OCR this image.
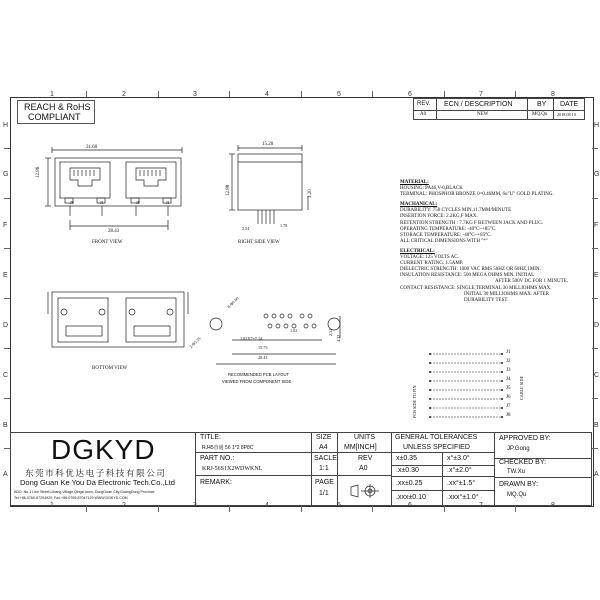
1	2	3	4	5	6	7	8
1	2	3	4	5	6	7	8
H
G
F
E
D
C
B
A
H
G
F
E
D
C
B
A
REACH & RoHS
COMPLIANT
REV. ECN / DESCRIPTION	BY DATE
A0	NEW	MQ.Qu 2018.08.10
31.60
12.86
28.43
J8	J1	J8	J1
FRONT VIEW
15.20
12.88	3.20
2.54
1.78
RIGHT SIDE VIEW
BOTTOM VIEW
8-Φ0.90
2-Φ3.25
1.02
1.02X7=7.14
15.75
28.43
2.54
4.32
RECOMMENDED PCB LAYOUT
VIEWED FROM COMPONENT SIDE
MATERIAL:
HOUSING: PA46,V-0,BLACK
TERMINAL: PHOSPHOR BRONZE 0=0.46MM, 6u"U" GOLD PLATING.
MACHANICAL:
DURABILITY: 750 CYCLES MIN,11.7MM/MINUTE
INSERTION FORCE: 2.2KG,F MAX.
RETENTION STRENGTH : 7.7KG F BETWEEN JACK AND PLUG.
OPERATING TEMPERATURE: -40°C~+85°C.
STORAGE TEMPERATURE: -40°C~+85°C.
ALL CRITICAL DIMENSIONS WITH "*"
ELECTRICAL:
VOLTAGE: 125 VOLTS AC.
CURRENT RATING: 1.5AMP.
DIELECTRIC STRENGTH: 1000 VAC RMS 50HZ OR 60HZ,1MIN.
INSULATION RESISTANCE: 500 MEGA OHMS MIN. INITIAL
AFTER 500V DC FOR 1 MINUTE.
CONTACT RESISTANCE: SINGLE TERMINAL 30 MILLIOHMS MAX.
INITIAL 30 MILLIOHMS MAX. AFTER
DURABILITY TEST.
J1
J2
J3
J4
J5
J6
J7
J8
PCB SIDE TO PIN	CABLE SIDE
DGKYD
东莞市科优达电子科技有限公司
Dong Guan Ke You Da Electronic Tech.Co.,Ltd
ADD: No.1 Line Street,Lihang Village,Qingxi town, DongGuan City,GuangDong Province
Tel:+86-0769-87204920; Fax:+86-0769-87047129 WWW.DGKYD.COM
TITLE:
RJ45直通 56 1*2 8P8C
PART NO.:
KRJ-56S1X2WDWKNL
REMARK:
SIZE
A4
SACLE
1:1
PAGE
1/1
UNITS
MM[INCH]
REV
A0
GENERAL TOLERANCES
UNLESS SPECIFIED
x±0.35	x°±3.0°
.x±0.30	.x°±2.0°
.xx±0.25	.xx°±1.5°
.xxx±0.10	.xxx°±1.0°
APPROVED BY:
JP.Gong
CHECKED BY:
TW.Xu
DRAWN BY:
MQ.Qu
